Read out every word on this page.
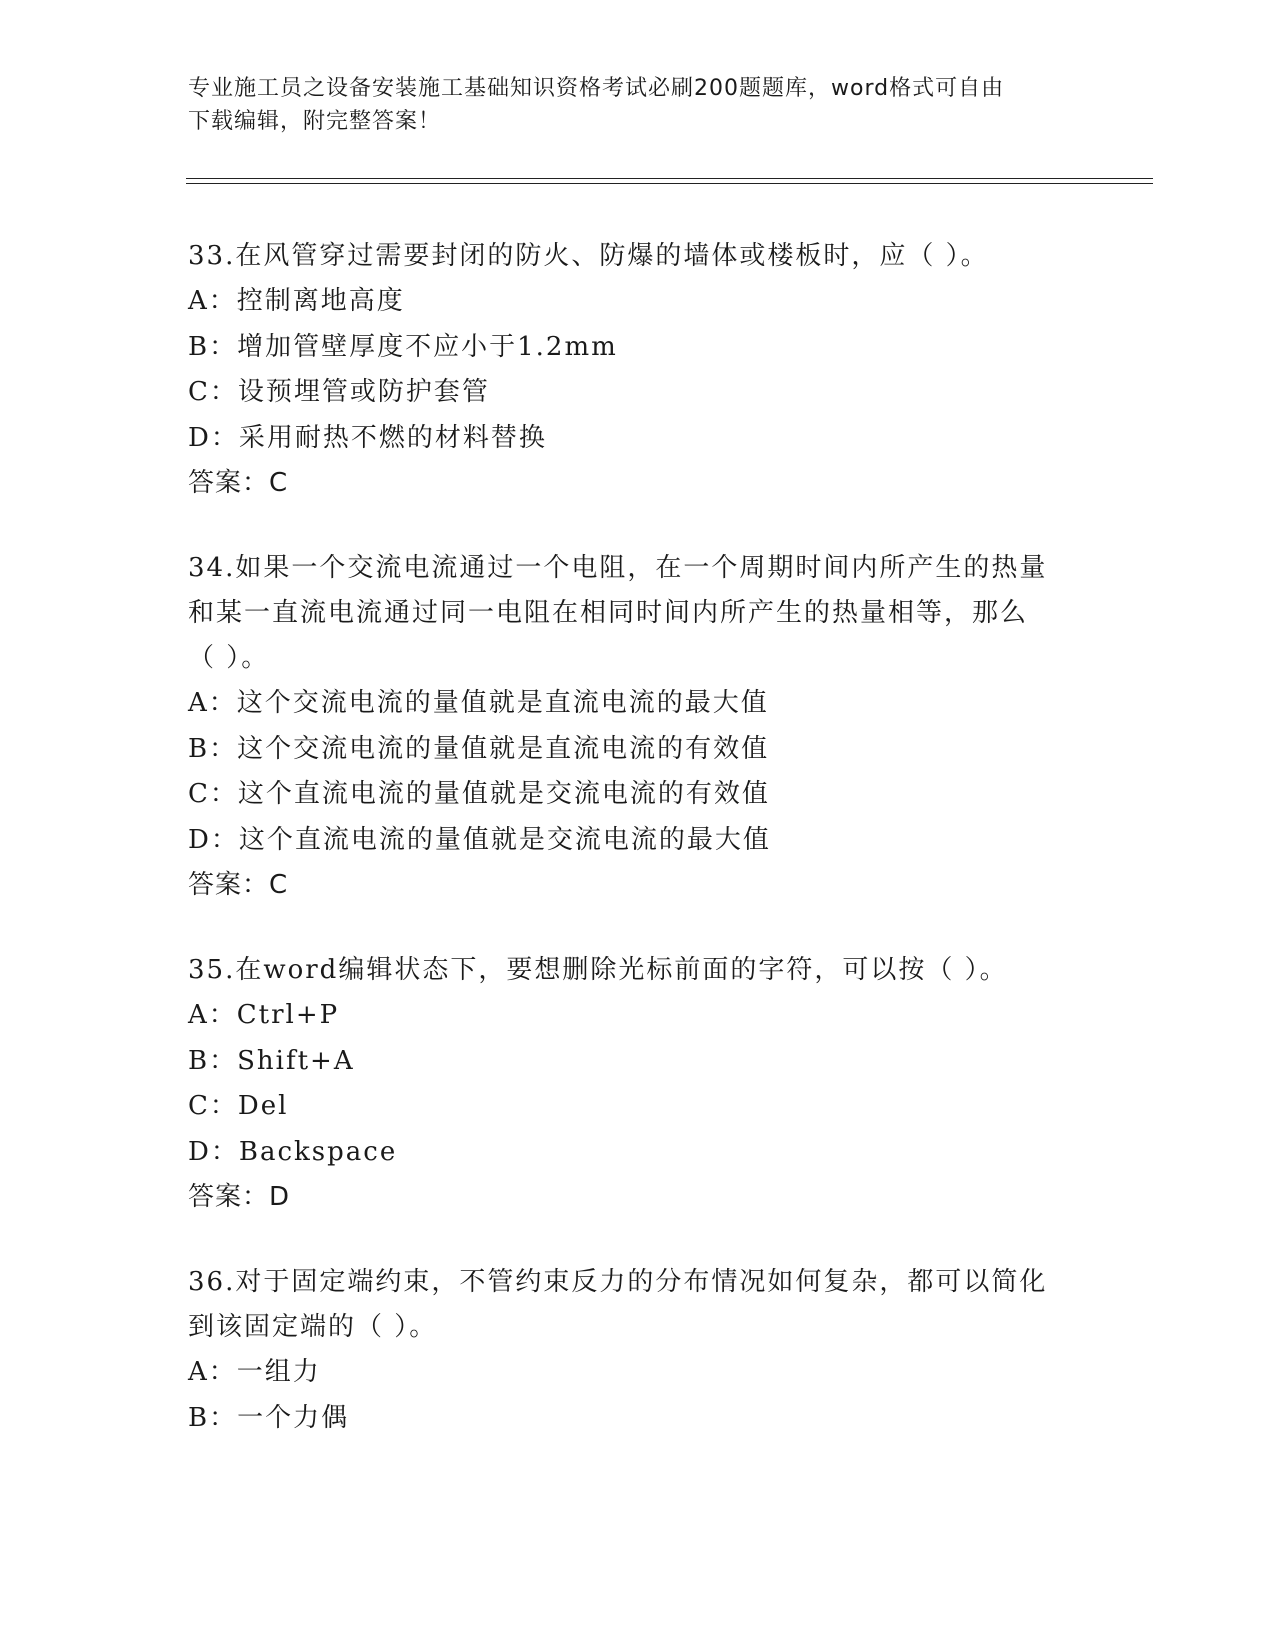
专业施工员之设备安装施工基础知识资格考试必刷200题题库，word格式可自由
下载编辑，附完整答案！

33.在风管穿过需要封闭的防火、防爆的墙体或楼板时，应（ ）。

A：控制离地高度

B：增加管壁厚度不应小于1.2mm

C：设预埋管或防护套管

D：采用耐热不燃的材料替换

答案：C

34.如果一个交流电流通过一个电阻，在一个周期时间内所产生的热量

和某一直流电流通过同一电阻在相同时间内所产生的热量相等，那么

（ ）。

A：这个交流电流的量值就是直流电流的最大值

B：这个交流电流的量值就是直流电流的有效值

C：这个直流电流的量值就是交流电流的有效值

D：这个直流电流的量值就是交流电流的最大值

答案：C

35.在word编辑状态下，要想删除光标前面的字符，可以按（ ）。

A：Ctrl+P

B：Shift+A

C：Del

D：Backspace

答案：D

36.对于固定端约束，不管约束反力的分布情况如何复杂，都可以简化

到该固定端的（ ）。

A：一组力

B：一个力偶
